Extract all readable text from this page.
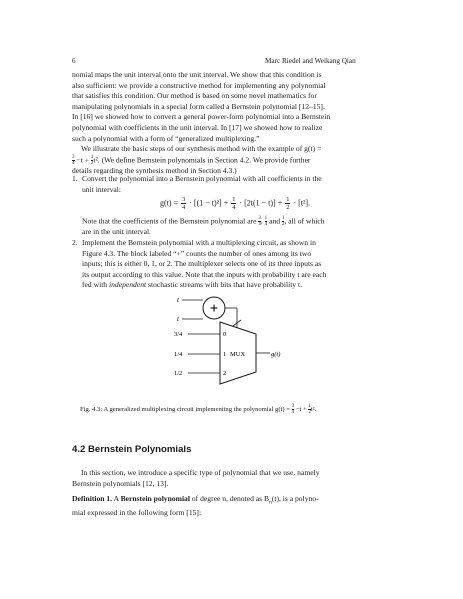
6	Marc Riedel and Weikang Qian
nomial maps the unit interval onto the unit interval. We show that this condition is
also sufficient: we provide a constructive method for implementing any polynomial
that satisfies this condition. Our method is based on some novel mathematics for
manipulating polynomials in a special form called a Bernstein polynomial [12–15].
In [16] we showed how to convert a general power-form polynomial into a Bernstein
polynomial with coefficients in the unit interval. In [17] we showed how to realize
such a polynomial with a form of “generalized multiplexing.”
We illustrate the basic steps of our synthesis method with the example of g(t) =
$\frac{3}{4} -t + \frac{1}{2} t^2$. (We define Bernstein polynomials in Section 4.2. We provide further
details regarding the synthesis method in Section 4.3.)
1. Convert the polynomial into a Bernstein polynomial with all coefficients in the
unit interval:
$g(t) = \frac{3}{4} \cdot [(1 - t)^2] + \frac{1}{4} \cdot [2t(1 - t)] + \frac{1}{2} \cdot [t^2]$.
Note that the coefficients of the Bernstein polynomial are $\frac{3}{4}$ , $\frac{1}{4}$ and $\frac{1}{2}$ , all of which
are in the unit interval.
2. Implement the Bernstein polynomial with a multiplexing circuit, as shown in
Figure 4.3. The block labeled “+” counts the number of ones among its two
inputs; this is either 0, 1, or 2. The multiplexer selects one of its three inputs as
its output according to this value. Note that the inputs with probability t are each
fed with independent stochastic streams with bits that have probability t.
t
t
+
0
1 MUX
2
3/4
1/4
1/2
g(t)
Fig. 4.3: A generalized multiplexing circuit implementing the polynomial $g(t) = \frac{3}{4} -t + \frac{1}{2} t^2$.
4.2 Bernstein Polynomials
In this section, we introduce a specific type of polynomial that we use, namely
Bernstein polynomials [12, 13].
Definition 1. A Bernstein polynomial of degree n, denoted as $B_n(t)$, is a polyno-
mial expressed in the following form [15]:
